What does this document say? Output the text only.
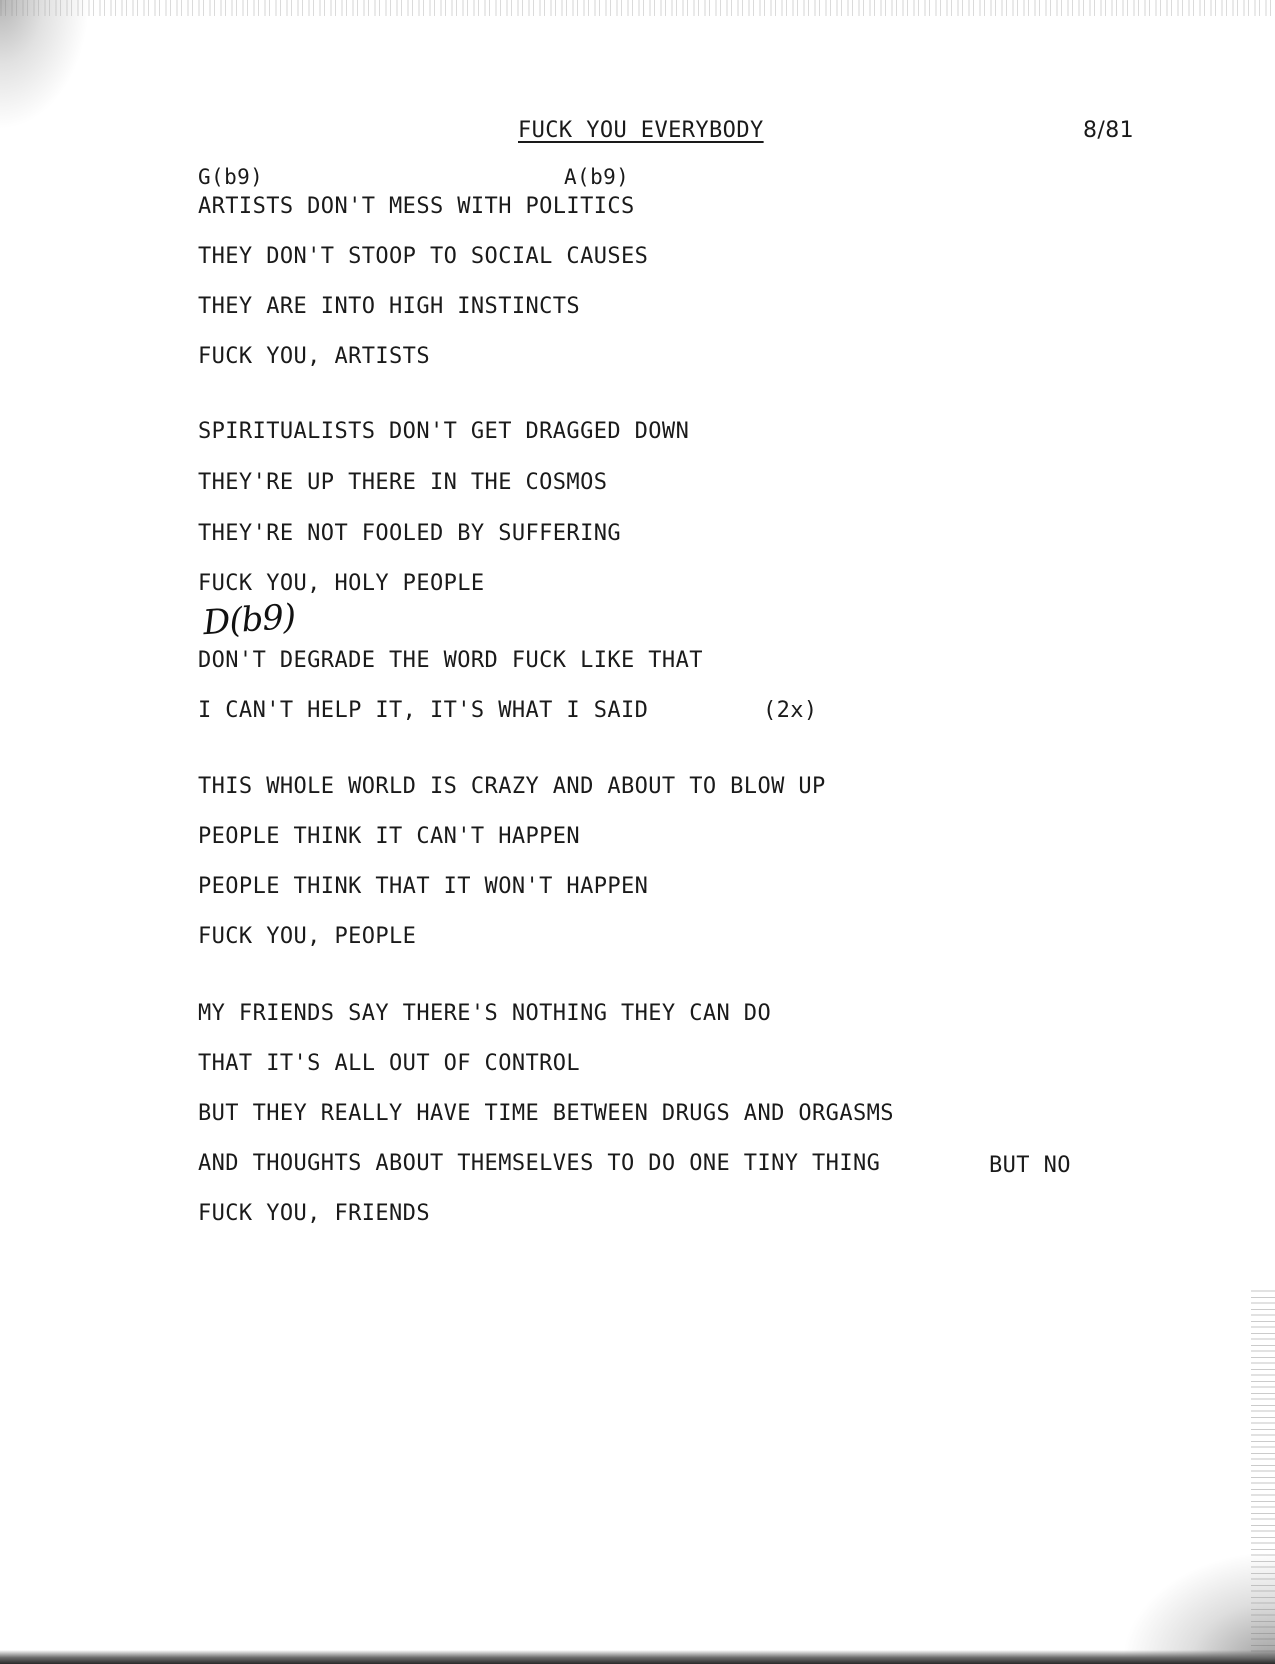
FUCK YOU EVERYBODY	8/81
G(b9)	A(b9)
ARTISTS DON'T MESS WITH POLITICS
THEY DON'T STOOP TO SOCIAL CAUSES
THEY ARE INTO HIGH INSTINCTS
FUCK YOU, ARTISTS
SPIRITUALISTS DON'T GET DRAGGED DOWN
THEY'RE UP THERE IN THE COSMOS
THEY'RE NOT FOOLED BY SUFFERING
FUCK YOU, HOLY PEOPLE
D(b9)
DON'T DEGRADE THE WORD FUCK LIKE THAT
I CAN'T HELP IT, IT'S WHAT I SAID	(2x)
THIS WHOLE WORLD IS CRAZY AND ABOUT TO BLOW UP
PEOPLE THINK IT CAN'T HAPPEN
PEOPLE THINK THAT IT WON'T HAPPEN
FUCK YOU, PEOPLE
MY FRIENDS SAY THERE'S NOTHING THEY CAN DO
THAT IT'S ALL OUT OF CONTROL
BUT THEY REALLY HAVE TIME BETWEEN DRUGS AND ORGASMS
AND THOUGHTS ABOUT THEMSELVES TO DO ONE TINY THING	BUT NO
FUCK YOU, FRIENDS
